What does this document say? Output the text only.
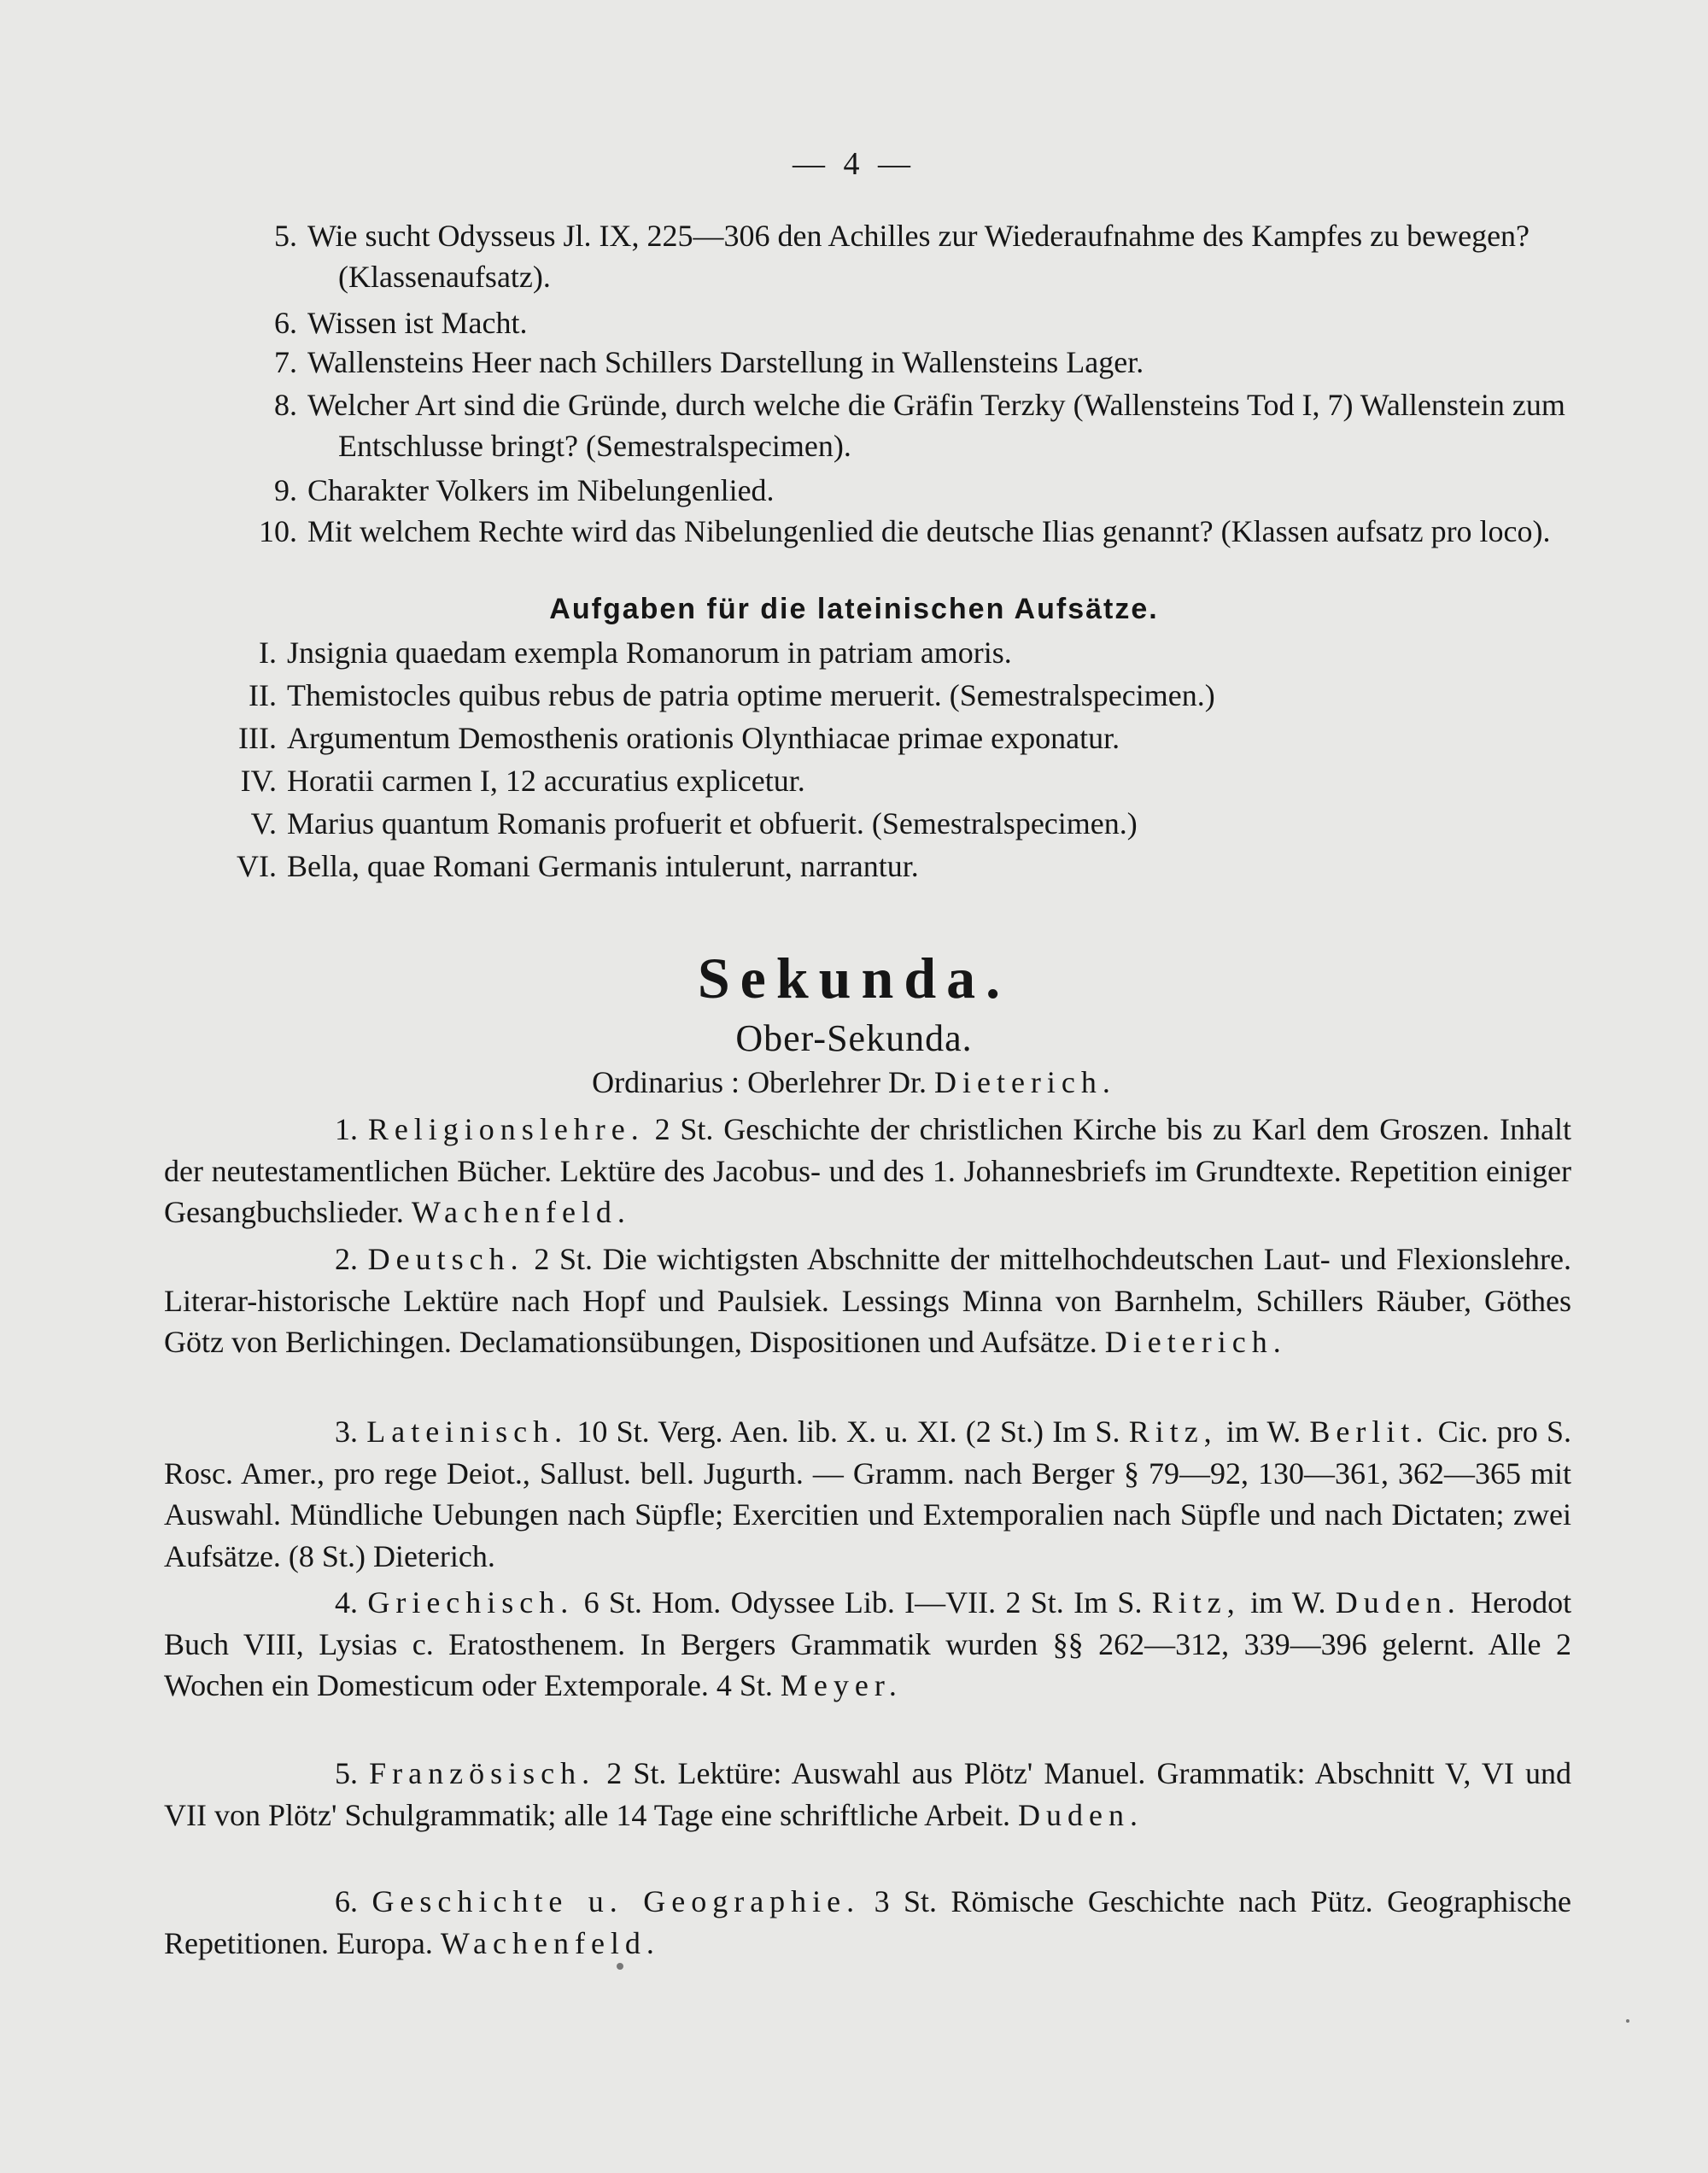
— 4 —
5. Wie sucht Odysseus Jl. IX, 225—306 den Achilles zur Wiederaufnahme des Kampfes zu bewegen? (Klassenaufsatz).
6. Wissen ist Macht.
7. Wallensteins Heer nach Schillers Darstellung in Wallensteins Lager.
8. Welcher Art sind die Gründe, durch welche die Gräfin Terzky (Wallensteins Tod I, 7) Wallenstein zum Entschlusse bringt? (Semestralspecimen).
9. Charakter Volkers im Nibelungenlied.
10. Mit welchem Rechte wird das Nibelungenlied die deutsche Ilias genannt? (Klassen aufsatz pro loco).
Aufgaben für die lateinischen Aufsätze.
I. Jnsignia quaedam exempla Romanorum in patriam amoris.
II. Themistocles quibus rebus de patria optime meruerit. (Semestralspecimen.)
III. Argumentum Demosthenis orationis Olynthiacae primae exponatur.
IV. Horatii carmen I, 12 accuratius explicetur.
V. Marius quantum Romanis profuerit et obfuerit. (Semestralspecimen.)
VI. Bella, quae Romani Germanis intulerunt, narrantur.
Sekunda.
Ober-Sekunda.
Ordinarius : Oberlehrer Dr. Dieterich.
1. Religionslehre. 2 St. Geschichte der christlichen Kirche bis zu Karl dem Groszen. Inhalt der neutestamentlichen Bücher. Lektüre des Jacobus- und des 1. Johannesbriefs im Grundtexte. Repetition einiger Gesangbuchslieder. Wachenfeld.
2. Deutsch. 2 St. Die wichtigsten Abschnitte der mittelhochdeutschen Laut- und Flexionslehre. Literar-historische Lektüre nach Hopf und Paulsiek. Lessings Minna von Barnhelm, Schillers Räuber, Göthes Götz von Berlichingen. Declamationsübungen, Dispositionen und Aufsätze. Dieterich.
3. Lateinisch. 10 St. Verg. Aen. lib. X. u. XI. (2 St.) Im S. Ritz, im W. Berlit. Cic. pro S. Rosc. Amer., pro rege Deiot., Sallust. bell. Jugurth. — Gramm. nach Berger § 79—92, 130—361, 362—365 mit Auswahl. Mündliche Uebungen nach Süpfle; Exercitien und Extemporalien nach Süpfle und nach Dictaten; zwei Aufsätze. (8 St.) Dieterich.
4. Griechisch. 6 St. Hom. Odyssee Lib. I—VII. 2 St. Im S. Ritz, im W. Duden. Herodot Buch VIII, Lysias c. Eratosthenem. In Bergers Grammatik wurden §§ 262—312, 339—396 gelernt. Alle 2 Wochen ein Domesticum oder Extemporale. 4 St. Meyer.
5. Französisch. 2 St. Lektüre: Auswahl aus Plötz' Manuel. Grammatik: Abschnitt V, VI und VII von Plötz' Schulgrammatik; alle 14 Tage eine schriftliche Arbeit. Duden.
6. Geschichte u. Geographie. 3 St. Römische Geschichte nach Pütz. Geographische Repetitionen. Europa. Wachenfeld.
